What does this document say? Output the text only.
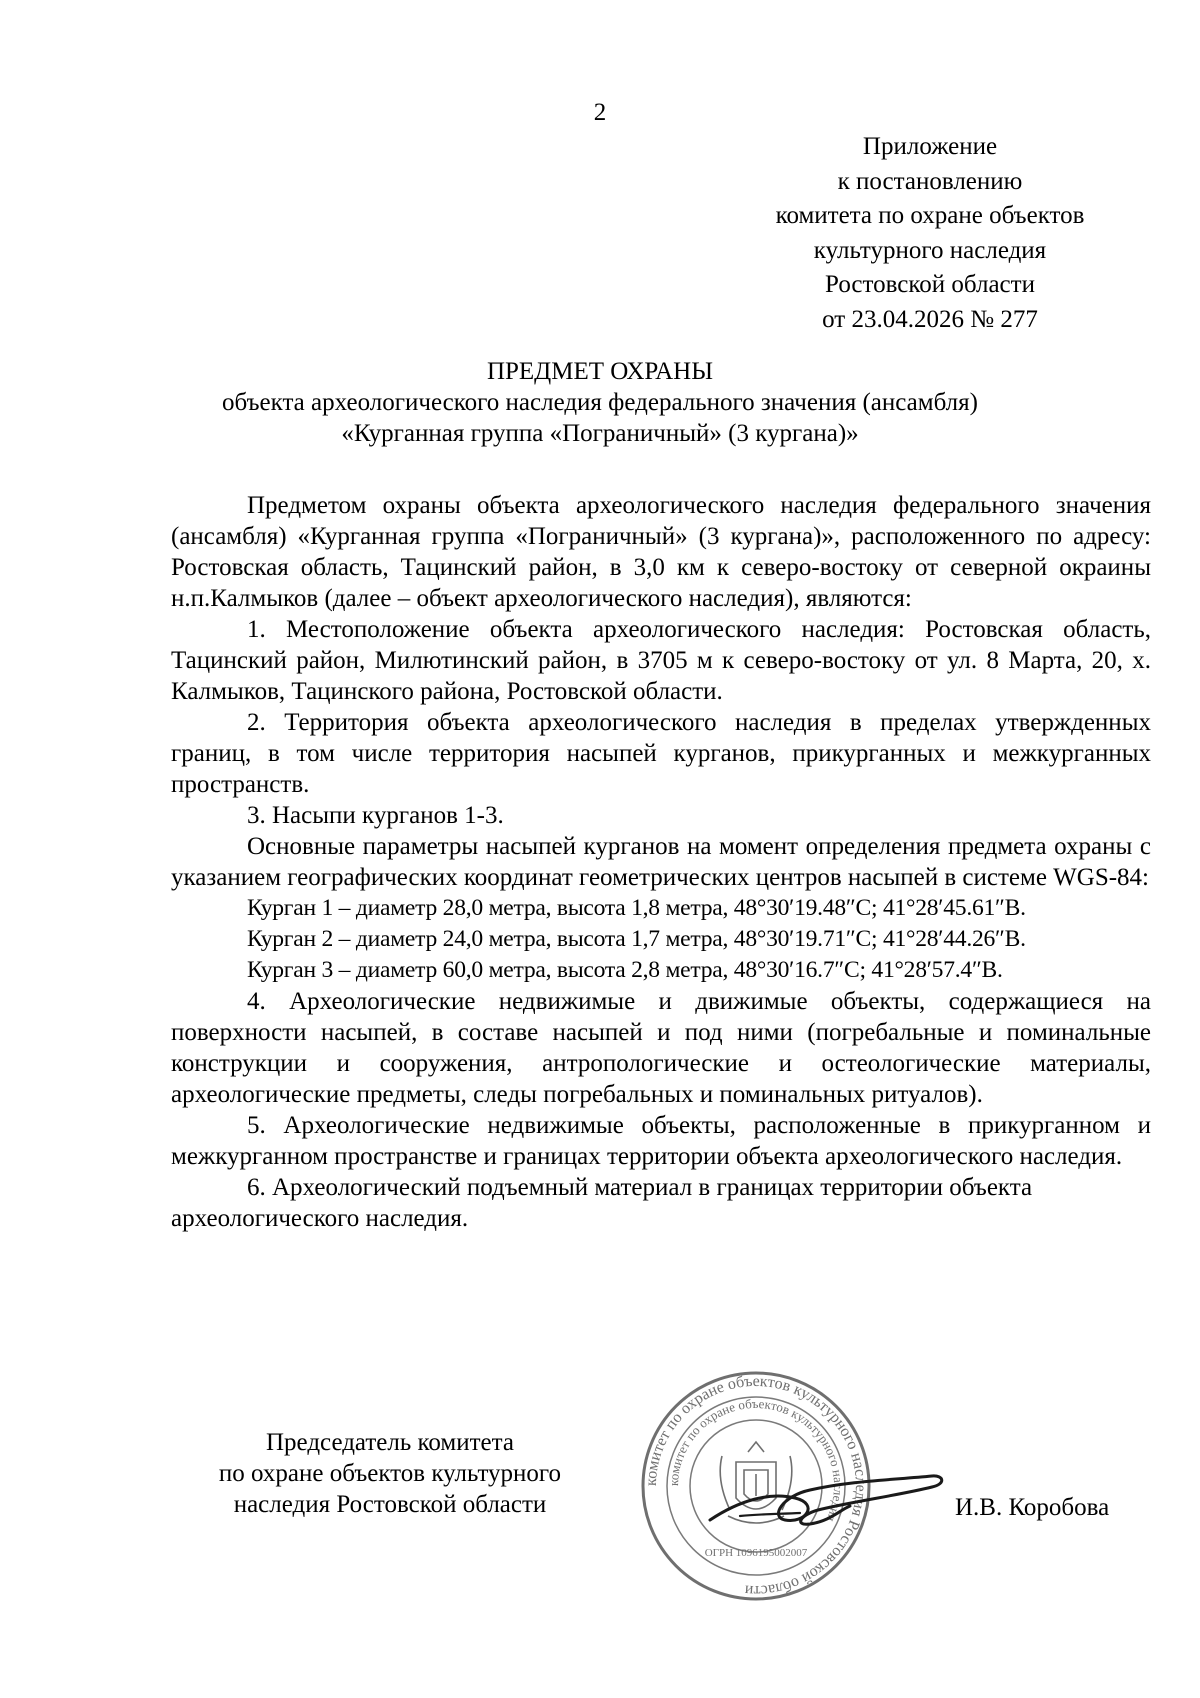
2
Приложение
к постановлению
комитета по охране объектов
культурного наследия
Ростовской области
от 23.04.2026 № 277
ПРЕДМЕТ ОХРАНЫ
объекта археологического наследия федерального значения (ансамбля)
«Курганная группа «Пограничный» (3 кургана)»

Предметом охраны объекта археологического наследия федерального значения (ансамбля) «Курганная группа «Пограничный» (3 кургана)», расположенного по адресу: Ростовская область, Тацинский район, в 3,0 км к северо-востоку от северной окраины н.п.Калмыков (далее – объект археологического наследия), являются:

1. Местоположение объекта археологического наследия: Ростовская область, Тацинский район, Милютинский район, в 3705 м к северо-востоку от ул. 8 Марта, 20, х. Калмыков, Тацинского района, Ростовской области.

2. Территория объекта археологического наследия в пределах утвержденных границ, в том числе территория насыпей курганов, прикурганных и межкурганных пространств.

3. Насыпи курганов 1-3.

Основные параметры насыпей курганов на момент определения предмета охраны с указанием географических координат геометрических центров насыпей в системе WGS-84:

Курган 1 – диаметр 28,0 метра, высота 1,8 метра, 48°30′19.48″С; 41°28′45.61″В.

Курган 2 – диаметр 24,0 метра, высота 1,7 метра, 48°30′19.71″С; 41°28′44.26″В.

Курган 3 – диаметр 60,0 метра, высота 2,8 метра, 48°30′16.7″С; 41°28′57.4″В.

4. Археологические недвижимые и движимые объекты, содержащиеся на поверхности насыпей, в составе насыпей и под ними (погребальные и поминальные конструкции и сооружения, антропологические и остеологические материалы, археологические предметы, следы погребальных и поминальных ритуалов).

5. Археологические недвижимые объекты, расположенные в прикурганном и межкурганном пространстве и границах территории объекта археологического наследия.

6. Археологический подъемный материал в границах территории объекта археологического наследия.

Председатель комитета
по охране объектов культурного
наследия Ростовской области
комитет по охране объектов культурного наследия Ростовской области
комитет по охране объектов культурного наследия
ОГРН 1096195002007
И.В. Коробова
